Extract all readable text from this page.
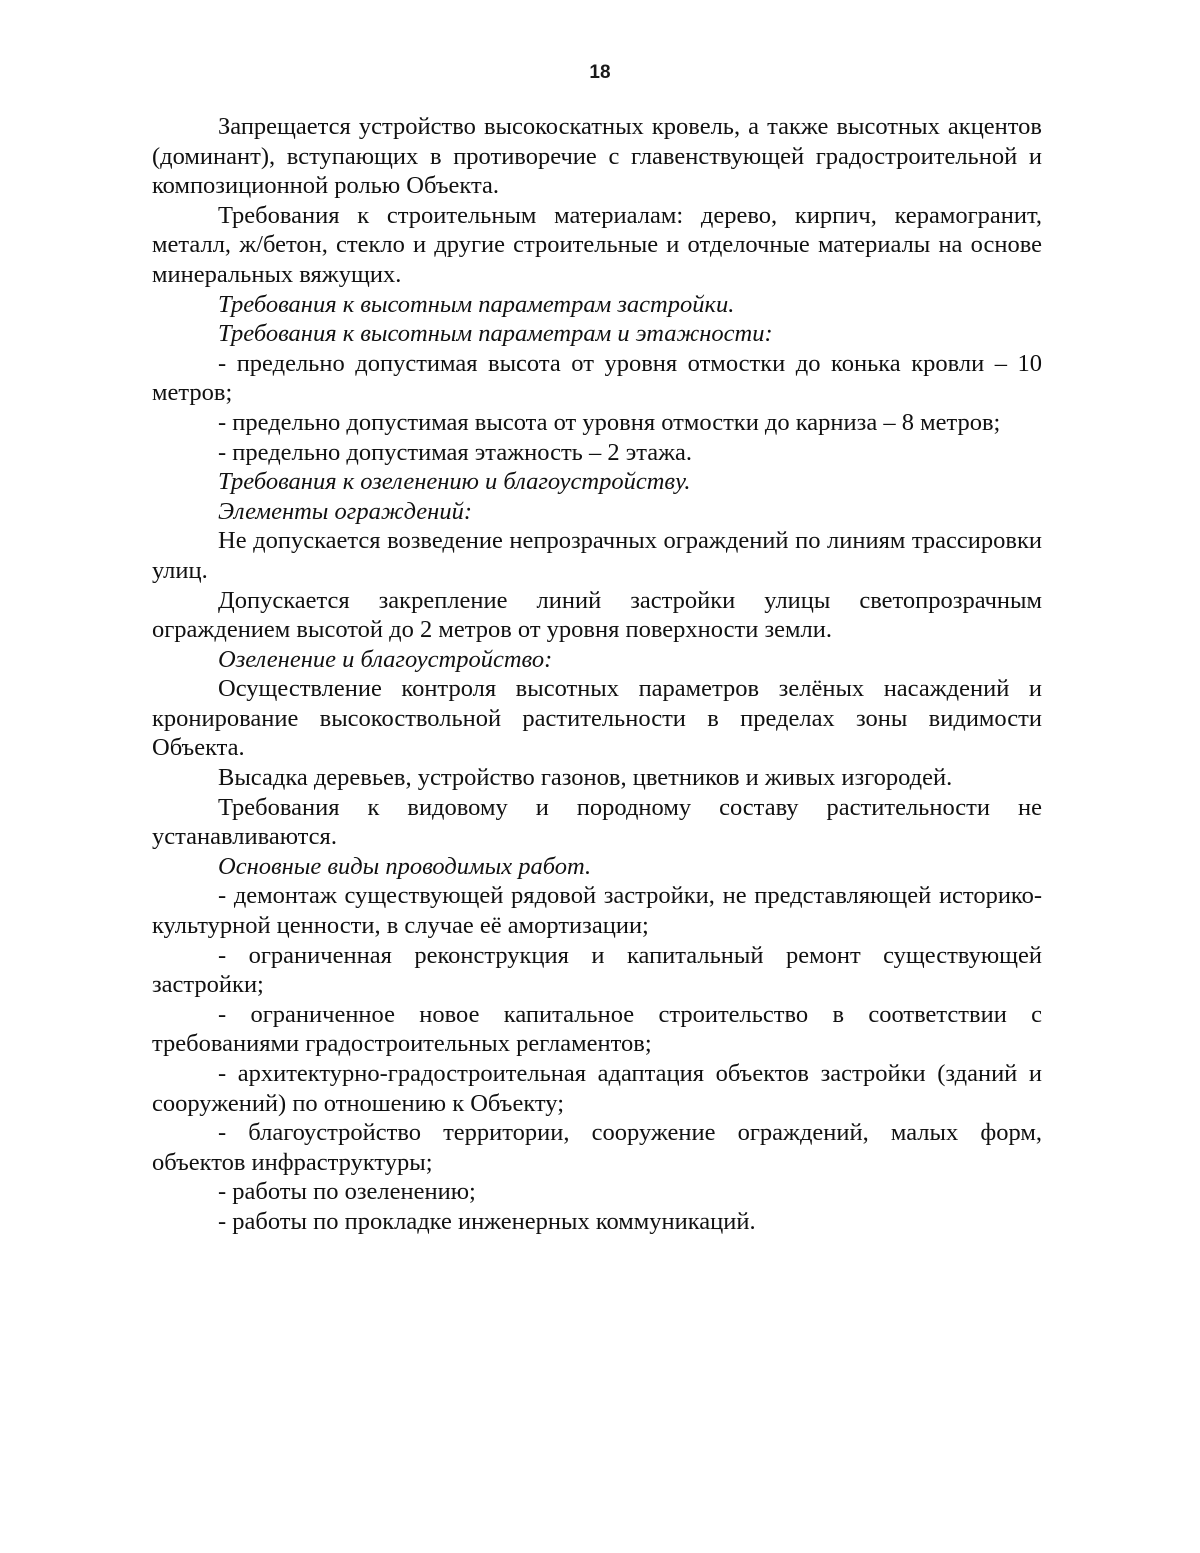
18

Запрещается устройство высокоскатных кровель, а также высотных акцентов (доминант), вступающих в противоречие с главенствующей градостроительной и композиционной ролью Объекта.

Требования к строительным материалам: дерево, кирпич, керамогранит, металл, ж/бетон, стекло и другие строительные и отделочные материалы на основе минеральных вяжущих.

Требования к высотным параметрам застройки.

Требования к высотным параметрам и этажности:

- предельно допустимая высота от уровня отмостки до конька кровли – 10 метров;

- предельно допустимая высота от уровня отмостки до карниза – 8 метров;

- предельно допустимая этажность – 2 этажа.

Требования к озеленению и благоустройству.

Элементы ограждений:

Не допускается возведение непрозрачных ограждений по линиям трассировки улиц.

Допускается закрепление линий застройки улицы светопрозрачным ограждением высотой до 2 метров от уровня поверхности земли.

Озеленение и благоустройство:

Осуществление контроля высотных параметров зелёных насаждений и кронирование высокоствольной растительности в пределах зоны видимости Объекта.

Высадка деревьев, устройство газонов, цветников и живых изгородей.

Требования к видовому и породному составу растительности не устанавливаются.

Основные виды проводимых работ.

- демонтаж существующей рядовой застройки, не представляющей историко-культурной ценности, в случае её амортизации;

- ограниченная реконструкция и капитальный ремонт существующей застройки;

- ограниченное новое капитальное строительство в соответствии с требованиями градостроительных регламентов;

- архитектурно-градостроительная адаптация объектов застройки (зданий и сооружений) по отношению к Объекту;

- благоустройство территории, сооружение ограждений, малых форм, объектов инфраструктуры;

- работы по озеленению;

- работы по прокладке инженерных коммуникаций.
